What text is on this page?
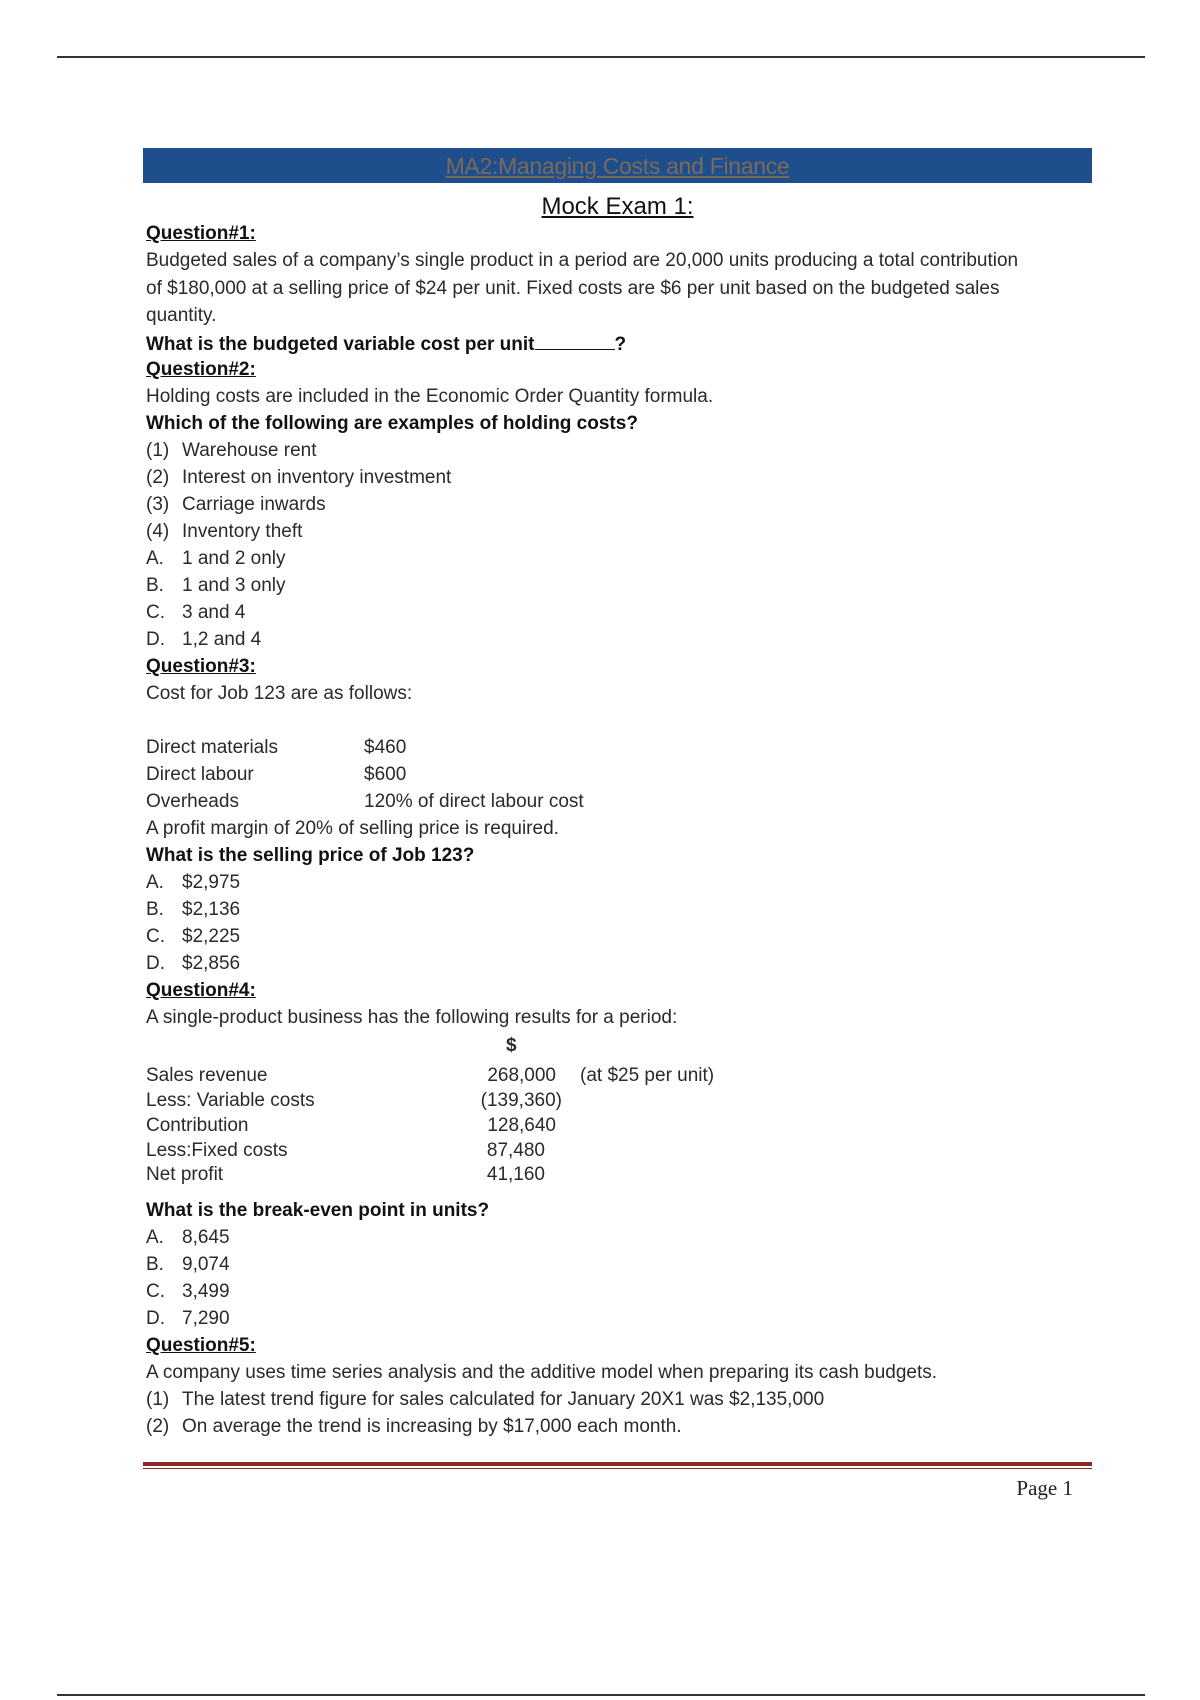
MA2:Managing Costs and Finance
Mock Exam 1:
Question#1:
Budgeted sales of a company’s single product in a period are 20,000 units producing a total contribution
of $180,000 at a selling price of $24 per unit. Fixed costs are $6 per unit based on the budgeted sales
quantity.
What is the budgeted variable cost per unit	?
Question#2:
Holding costs are included in the Economic Order Quantity formula.
Which of the following are examples of holding costs?
(1) Warehouse rent
(2) Interest on inventory investment
(3) Carriage inwards
(4) Inventory theft
A. 1 and 2 only
B. 1 and 3 only
C. 3 and 4
D. 1,2 and 4
Question#3:
Cost for Job 123 are as follows:
Direct materials	$460
Direct labour	$600
Overheads	120% of direct labour cost
A profit margin of 20% of selling price is required.
What is the selling price of Job 123?
A. $2,975
B. $2,136
C. $2,225
D. $2,856
Question#4:
A single-product business has the following results for a period:
$
Sales revenue	268,000 (at $25 per unit)
Less: Variable costs	(139,360)
Contribution	128,640
Less:Fixed costs	87,480
Net profit	41,160
What is the break-even point in units?
A. 8,645
B. 9,074
C. 3,499
D. 7,290
Question#5:
A company uses time series analysis and the additive model when preparing its cash budgets.
(1) The latest trend figure for sales calculated for January 20X1 was $2,135,000
(2) On average the trend is increasing by $17,000 each month.
Page 1
